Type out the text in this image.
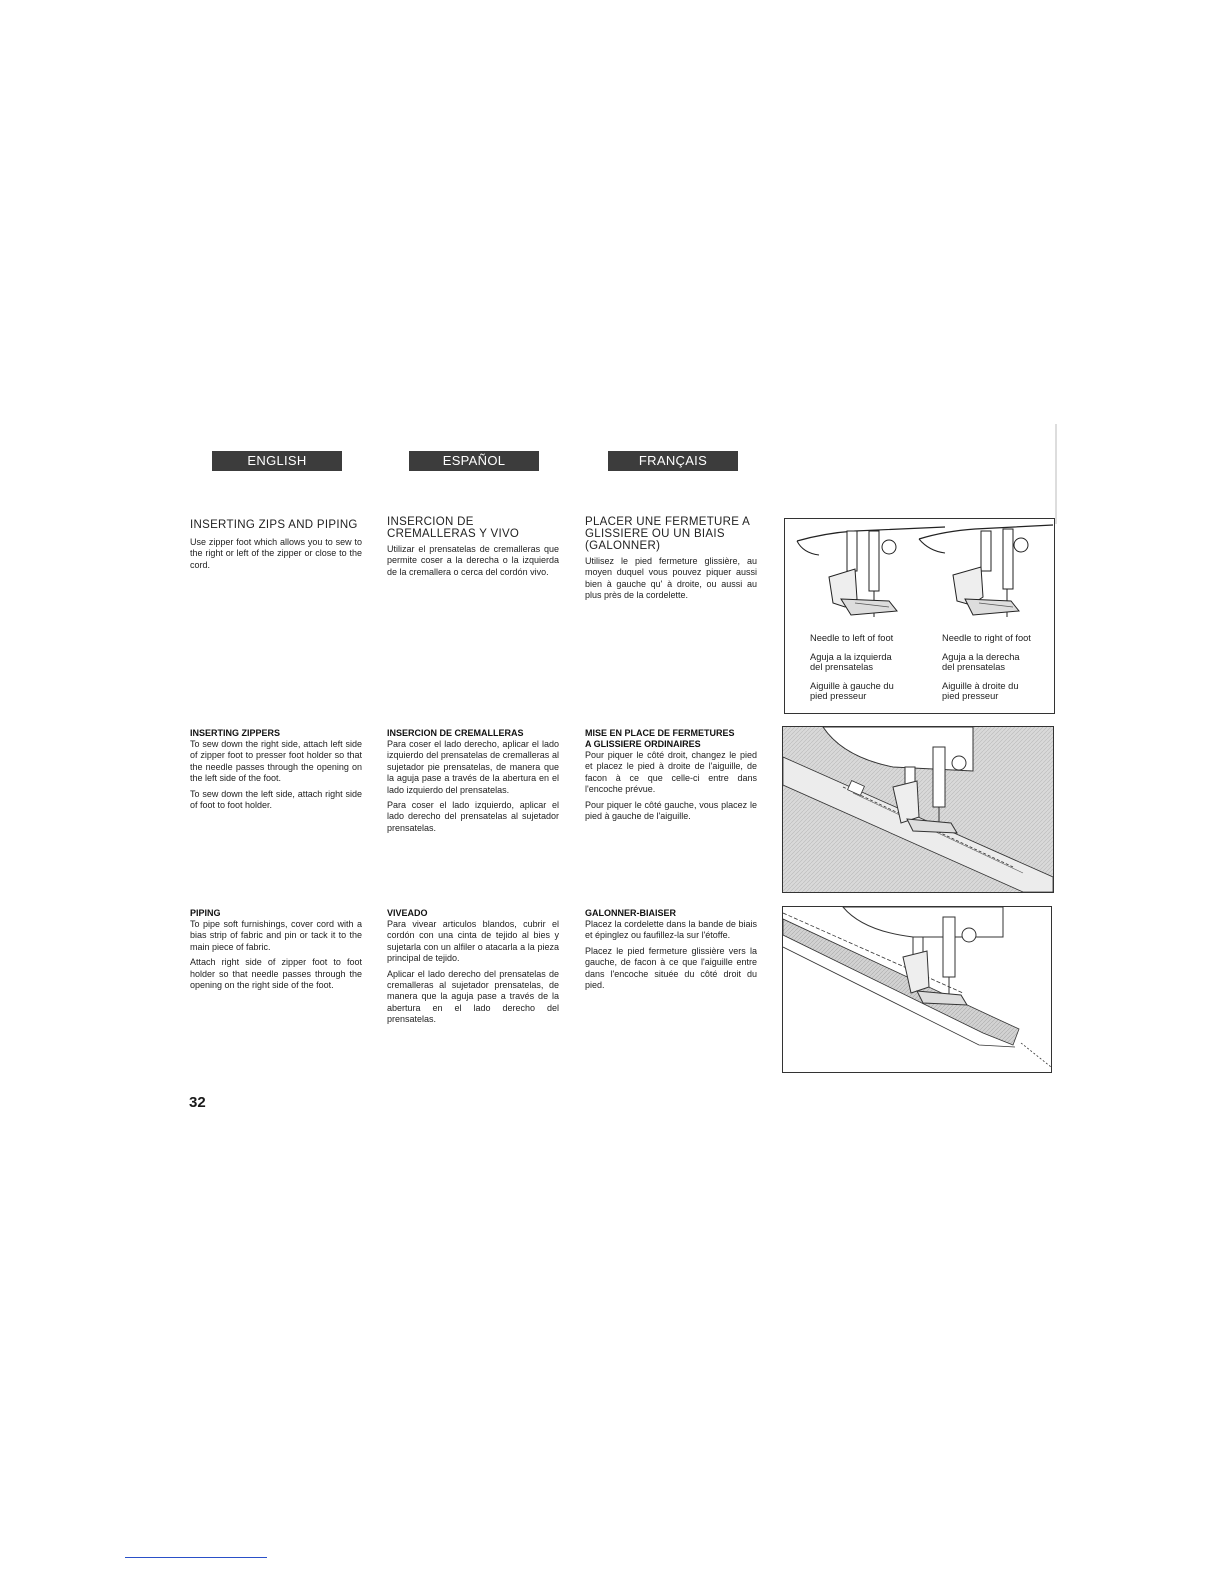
ENGLISH	ESPAÑOL	FRANÇAIS
INSERTING ZIPS AND PIPING

Use zipper foot which allows you to sew to the right or left of the zipper or close to the cord.

INSERTING ZIPPERS

To sew down the right side, attach left side of zipper foot to presser foot holder so that the needle passes through the opening on the left side of the foot.

To sew down the left side, attach right side of foot to foot holder.

PIPING

To pipe soft furnishings, cover cord with a bias strip of fabric and pin or tack it to the main piece of fabric.

Attach right side of zipper foot to foot holder so that needle passes through the opening on the right side of the foot.

INSERCION DE
CREMALLERAS Y VIVO

Utilizar el prensatelas de cremalleras que permite coser a la derecha o la izquierda de la cremallera o cerca del cordón vivo.

INSERCION DE CREMALLERAS

Para coser el lado derecho, aplicar el lado izquierdo del prensatelas de cremalleras al sujetador pie prensatelas, de manera que la aguja pase a través de la abertura en el lado izquierdo del prensatelas.

Para coser el lado izquierdo, aplicar el lado derecho del prensatelas al sujetador prensatelas.

VIVEADO

Para vivear articulos blandos, cubrir el cordón con una cinta de tejido al bies y sujetarla con un alfiler o atacarla a la pieza principal de tejido.

Aplicar el lado derecho del prensatelas de cremalleras al sujetador prensatelas, de manera que la aguja pase a través de la abertura en el lado derecho del prensatelas.

PLACER UNE FERMETURE A
GLISSIERE OU UN BIAIS
(GALONNER)

Utilisez le pied fermeture glissière, au moyen duquel vous pouvez piquer aussi bien à gauche qu' à droite, ou aussi au plus près de la cordelette.

MISE EN PLACE DE FERMETURES
A GLISSIERE ORDINAIRES

Pour piquer le côté droit, changez le pied et placez le pied à droite de l'aiguille, de facon à ce que celle-ci entre dans l'encoche prévue.

Pour piquer le côté gauche, vous placez le pied à gauche de l'aiguille.

GALONNER-BIAISER

Placez la cordelette dans la bande de biais et épinglez ou faufillez-la sur l'étoffe.

Placez le pied fermeture glissière vers la gauche, de facon à ce que l'aiguille entre dans l'encoche située du côté droit du pied.

Needle to left of foot

Aguja a la izquierda
del prensatelas

Aiguille à gauche du
pied presseur

Needle to right of foot

Aguja a la derecha
del prensatelas

Aiguille à droite du
pied presseur

32
